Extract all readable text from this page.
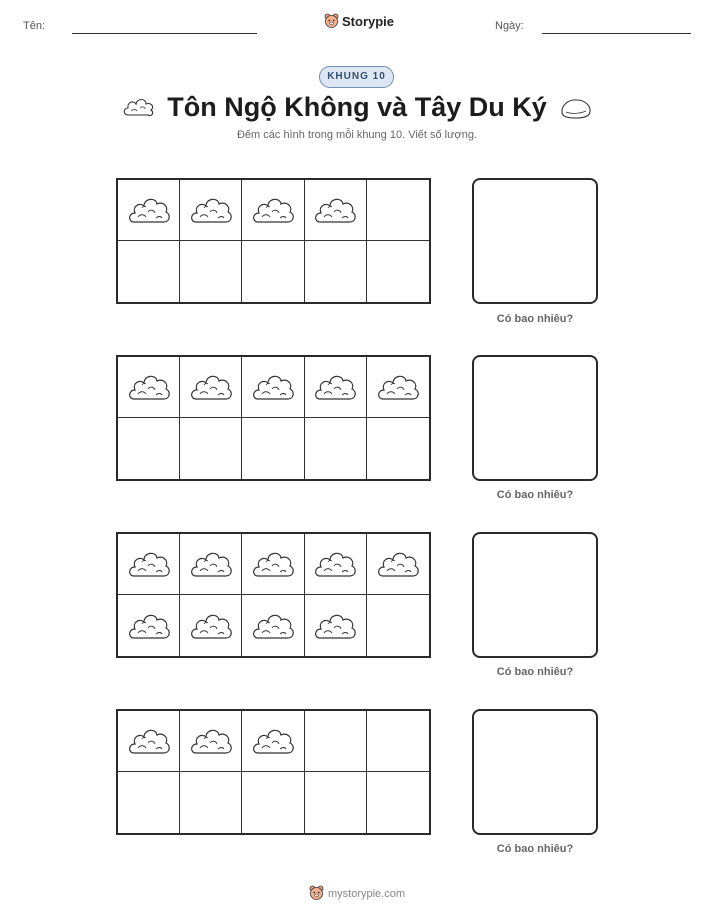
Tên:	Storypie	Ngày:
KHUNG 10
Tôn Ngộ Không và Tây Du Ký
Đếm các hình trong mỗi khung 10. Viết số lượng.
Có bao nhiêu?
Có bao nhiêu?
Có bao nhiêu?
Có bao nhiêu?
mystorypie.com
